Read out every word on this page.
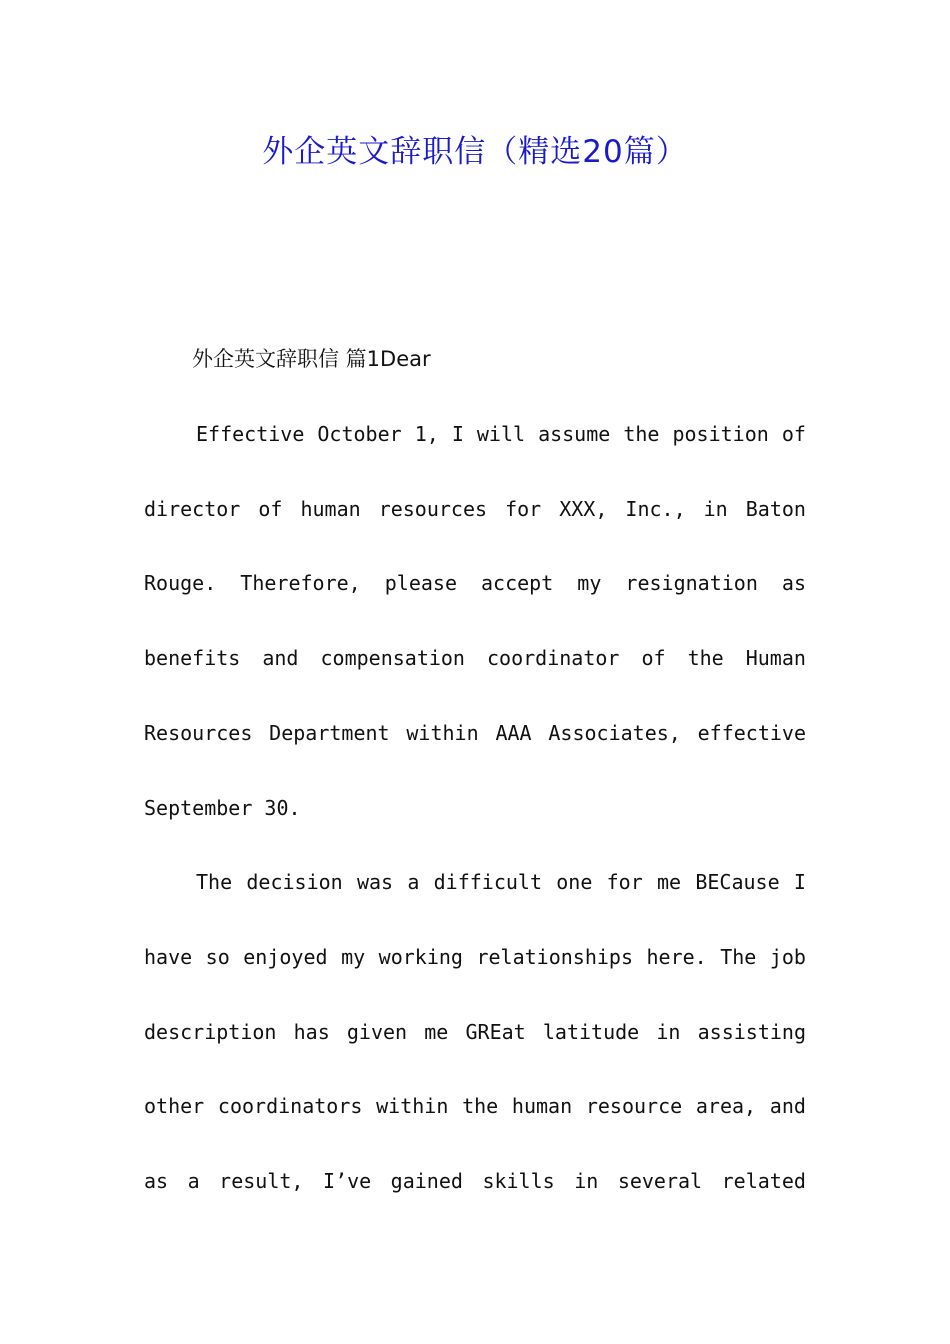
外企英文辞职信（精选20篇）
外企英文辞职信 篇1Dear
Effective October 1, I will assume the position of
director of human resources for XXX, Inc., in Baton
Rouge. Therefore, please accept my resignation as
benefits and compensation coordinator of the Human
Resources Department within AAA Associates, effective
September 30.
The decision was a difficult one for me BECause I
have so enjoyed my working relationships here. The job
description has given me GREat latitude in assisting
other coordinators within the human resource area, and
as a result, I’ve gained skills in several related
